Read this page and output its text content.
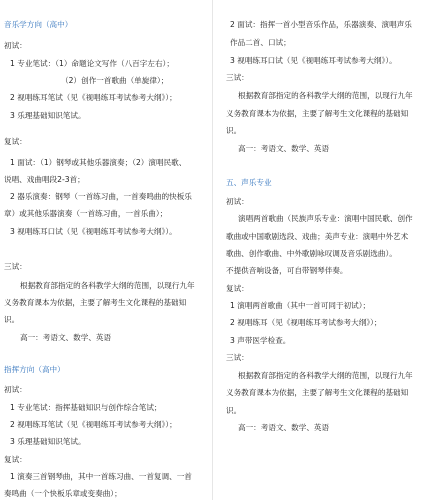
音乐学方向（高中）
初试：
1 专业笔试：（1）命题论文写作（八百字左右）；
（2）创作一首歌曲（单旋律）；
2 视唱练耳笔试（见《视唱练耳考试参考大纲》）；
3 乐理基础知识笔试。
复试：
1 面试：（1）钢琴或其他乐器演奏；（2）演唱民歌、
说唱、戏曲唱段2-3首；
2 器乐演奏：钢琴（一首练习曲，一首奏鸣曲的快板乐
章）或其他乐器演奏（一首练习曲，一首乐曲）；
3 视唱练耳口试（见《视唱练耳考试参考大纲》）。
三试：
根据教育部指定的各科教学大纲的范围，以现行九年
义务教育课本为依据，主要了解考生文化课程的基础知
识。
高一：考语文、数学、英语
指挥方向（高中）
初试：
1 专业笔试：指挥基础知识与创作综合笔试；
2 视唱练耳笔试（见《视唱练耳考试参考大纲》）；
3 乐理基础知识笔试。
复试：
1 演奏三首钢琴曲，其中一首练习曲、一首复调、一首
奏鸣曲（一个快板乐章或变奏曲）；
2 面试：指挥一首小型音乐作品，乐器演奏、演唱声乐
作品二首、口试；
3 视唱练耳口试（见《视唱练耳考试参考大纲》）。
三试：
根据教育部指定的各科教学大纲的范围，以现行九年
义务教育课本为依据，主要了解考生文化课程的基础知
识。
高一：考语文、数学、英语
五、声乐专业
初试：
演唱两首歌曲（民族声乐专业：演唱中国民歌、创作
歌曲或中国歌剧选段、戏曲；美声专业：演唱中外艺术
歌曲、创作歌曲、中外歌剧咏叹调及音乐剧选曲）。
不提供音响设备，可自带钢琴伴奏。
复试：
1 演唱两首歌曲（其中一首可同于初试）；
2 视唱练耳（见《视唱练耳考试参考大纲》）；
3 声带医学检查。
三试：
根据教育部指定的各科教学大纲的范围，以现行九年
义务教育课本为依据，主要了解考生文化课程的基础知
识。
高一：考语文、数学、英语
